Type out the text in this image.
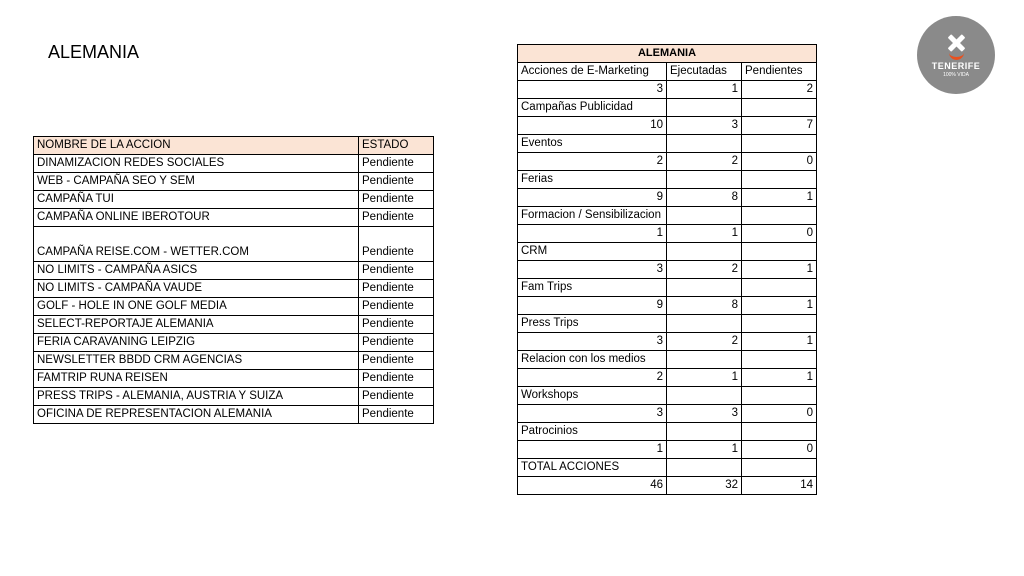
ALEMANIA
NOMBRE DE LA ACCION	ESTADO
DINAMIZACION REDES SOCIALES	Pendiente
WEB - CAMPAÑA SEO Y SEM	Pendiente
CAMPAÑA TUI	Pendiente
CAMPAÑA ONLINE IBEROTOUR	Pendiente
CAMPAÑA REISE.COM - WETTER.COM	Pendiente
NO LIMITS - CAMPAÑA ASICS	Pendiente
NO LIMITS - CAMPAÑA VAUDE	Pendiente
GOLF - HOLE IN ONE GOLF MEDIA	Pendiente
SELECT-REPORTAJE ALEMANIA	Pendiente
FERIA CARAVANING LEIPZIG	Pendiente
NEWSLETTER BBDD CRM AGENCIAS	Pendiente
FAMTRIP RUNA REISEN	Pendiente
PRESS TRIPS - ALEMANIA, AUSTRIA Y SUIZA	Pendiente
OFICINA DE REPRESENTACION ALEMANIA	Pendiente
ALEMANIA		
Acciones de E-Marketing	Ejecutadas	Pendientes
3	1	2
Campañas Publicidad		
10	3	7
Eventos		
2	2	0
Ferias		
9	8	1
Formacion / Sensibilizacion		
1	1	0
CRM		
3	2	1
Fam Trips		
9	8	1
Press Trips		
3	2	1
Relacion con los medios		
2	1	1
Workshops		
3	3	0
Patrocinios		
1	1	0
TOTAL ACCIONES		
46	32	14
TENERIFE
100% VIDA
